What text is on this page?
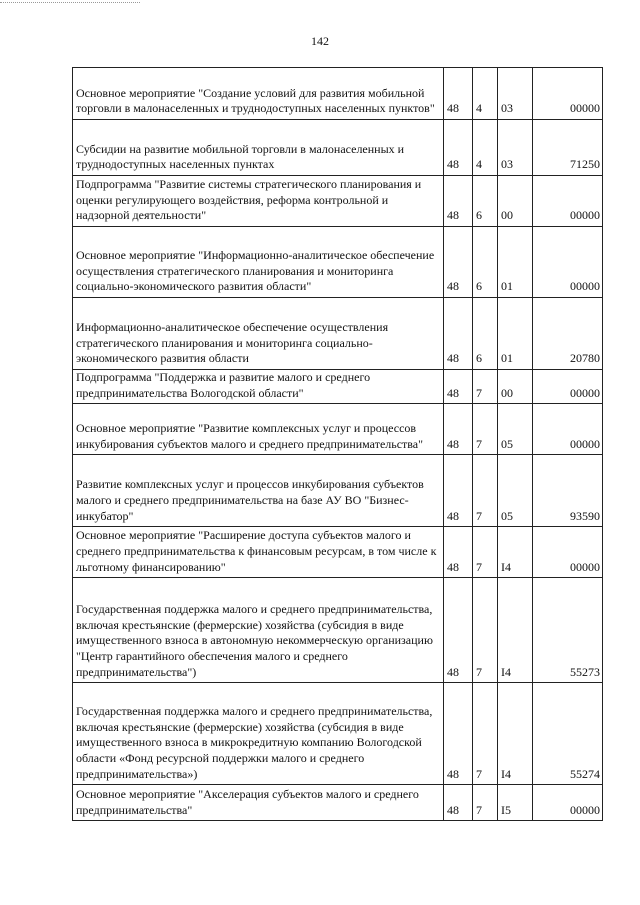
142
Основное мероприятие "Создание условий для развития мобильной торговли в малонаселенных и труднодоступных населенных пунктов"	48	4	03	00000
Субсидии на развитие мобильной торговли в малонаселенных и труднодоступных населенных пунктах	48	4	03	71250
Подпрограмма "Развитие системы стратегического планирования и оценки регулирующего воздействия, реформа контрольной и надзорной деятельности"	48	6	00	00000
Основное мероприятие "Информационно-аналитическое обеспечение осуществления стратегического планирования и мониторинга социально-экономического развития области"	48	6	01	00000
Информационно-аналитическое обеспечение осуществления стратегического планирования и мониторинга социально-экономического развития области	48	6	01	20780
Подпрограмма "Поддержка и развитие малого и среднего предпринимательства Вологодской области"	48	7	00	00000
Основное мероприятие "Развитие комплексных услуг и процессов инкубирования субъектов малого и среднего предпринимательства"	48	7	05	00000
Развитие комплексных услуг и процессов инкубирования субъектов малого и среднего предпринимательства на базе АУ ВО "Бизнес-инкубатор"	48	7	05	93590
Основное мероприятие "Расширение доступа субъектов малого и среднего предпринимательства к финансовым ресурсам, в том числе к льготному финансированию"	48	7	I4	00000
Государственная поддержка малого и среднего предпринимательства, включая крестьянские (фермерские) хозяйства (субсидия в виде имущественного взноса в автономную некоммерческую организацию "Центр гарантийного обеспечения малого и среднего предпринимательства")	48	7	I4	55273
Государственная поддержка малого и среднего предпринимательства, включая крестьянские (фермерские) хозяйства (субсидия в виде имущественного взноса в микрокредитную компанию Вологодской области «Фонд ресурсной поддержки малого и среднего предпринимательства»)	48	7	I4	55274
Основное мероприятие "Акселерация субъектов малого и среднего предпринимательства"	48	7	I5	00000
